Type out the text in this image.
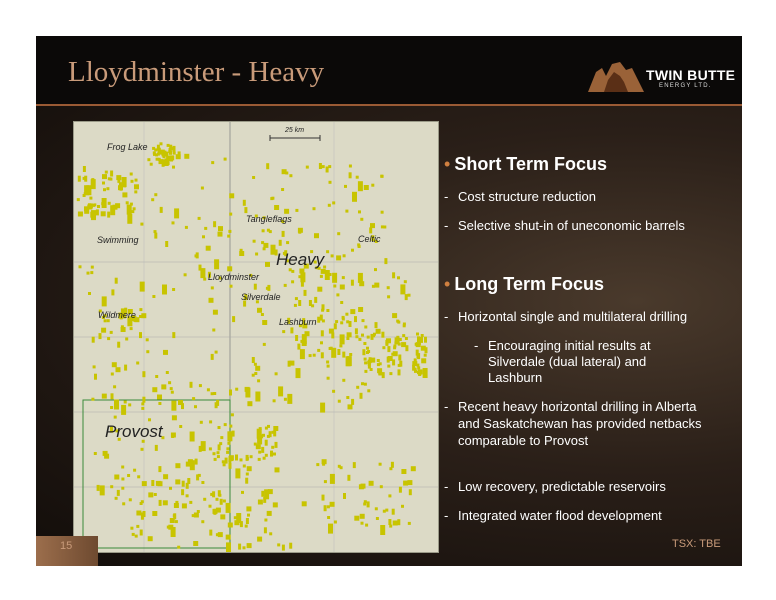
Lloydminster - Heavy	TWIN BUTTE
ENERGY LTD.
25 km
Frog Lake
Tangleflags
Swimming	Celtic
Lloydminster
Silverdale
Wildmere
Lashburn
Heavy
Provost
• Short Term Focus
- Cost structure reduction
- Selective shut-in of uneconomic barrels
• Long Term Focus
- Horizontal single and multilateral drilling
- Encouraging initial results at Silverdale (dual lateral) and Lashburn
- Recent heavy horizontal drilling in Alberta and Saskatchewan has provided netbacks comparable to Provost
- Low recovery, predictable reservoirs
- Integrated water flood development
15	TSX: TBE
